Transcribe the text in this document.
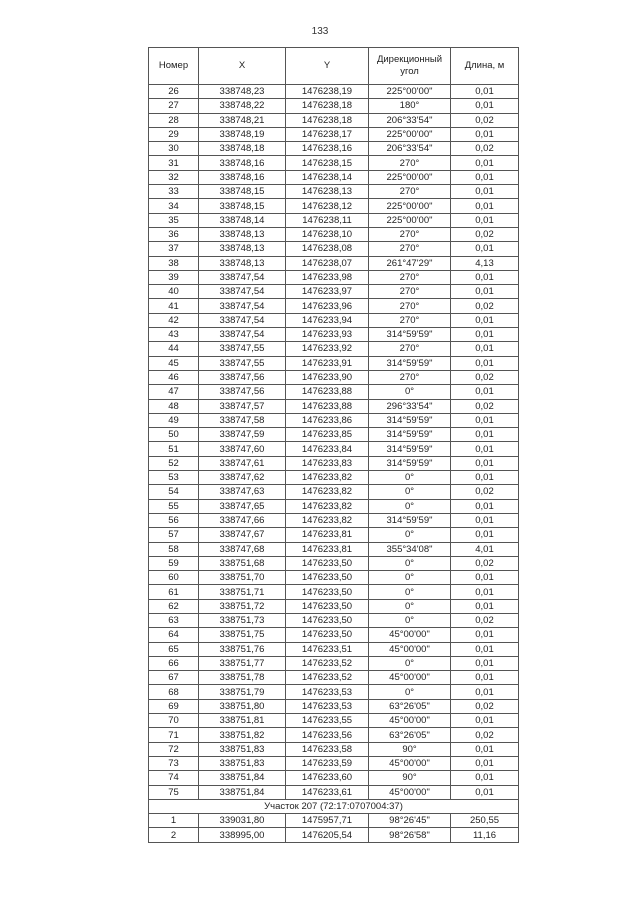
133
Номер	X	Y	Дирекционный угол	Длина, м
26	338748,23	1476238,19	225°00'00"	0,01
27	338748,22	1476238,18	180°	0,01
28	338748,21	1476238,18	206°33'54"	0,02
29	338748,19	1476238,17	225°00'00"	0,01
30	338748,18	1476238,16	206°33'54"	0,02
31	338748,16	1476238,15	270°	0,01
32	338748,16	1476238,14	225°00'00"	0,01
33	338748,15	1476238,13	270°	0,01
34	338748,15	1476238,12	225°00'00"	0,01
35	338748,14	1476238,11	225°00'00"	0,01
36	338748,13	1476238,10	270°	0,02
37	338748,13	1476238,08	270°	0,01
38	338748,13	1476238,07	261°47'29"	4,13
39	338747,54	1476233,98	270°	0,01
40	338747,54	1476233,97	270°	0,01
41	338747,54	1476233,96	270°	0,02
42	338747,54	1476233,94	270°	0,01
43	338747,54	1476233,93	314°59'59"	0,01
44	338747,55	1476233,92	270°	0,01
45	338747,55	1476233,91	314°59'59"	0,01
46	338747,56	1476233,90	270°	0,02
47	338747,56	1476233,88	0°	0,01
48	338747,57	1476233,88	296°33'54"	0,02
49	338747,58	1476233,86	314°59'59"	0,01
50	338747,59	1476233,85	314°59'59"	0,01
51	338747,60	1476233,84	314°59'59"	0,01
52	338747,61	1476233,83	314°59'59"	0,01
53	338747,62	1476233,82	0°	0,01
54	338747,63	1476233,82	0°	0,02
55	338747,65	1476233,82	0°	0,01
56	338747,66	1476233,82	314°59'59"	0,01
57	338747,67	1476233,81	0°	0,01
58	338747,68	1476233,81	355°34'08"	4,01
59	338751,68	1476233,50	0°	0,02
60	338751,70	1476233,50	0°	0,01
61	338751,71	1476233,50	0°	0,01
62	338751,72	1476233,50	0°	0,01
63	338751,73	1476233,50	0°	0,02
64	338751,75	1476233,50	45°00'00"	0,01
65	338751,76	1476233,51	45°00'00"	0,01
66	338751,77	1476233,52	0°	0,01
67	338751,78	1476233,52	45°00'00"	0,01
68	338751,79	1476233,53	0°	0,01
69	338751,80	1476233,53	63°26'05"	0,02
70	338751,81	1476233,55	45°00'00"	0,01
71	338751,82	1476233,56	63°26'05"	0,02
72	338751,83	1476233,58	90°	0,01
73	338751,83	1476233,59	45°00'00"	0,01
74	338751,84	1476233,60	90°	0,01
75	338751,84	1476233,61	45°00'00"	0,01
Участок 207 (72:17:0707004:37)				
1	339031,80	1475957,71	98°26'45"	250,55
2	338995,00	1476205,54	98°26'58"	11,16
